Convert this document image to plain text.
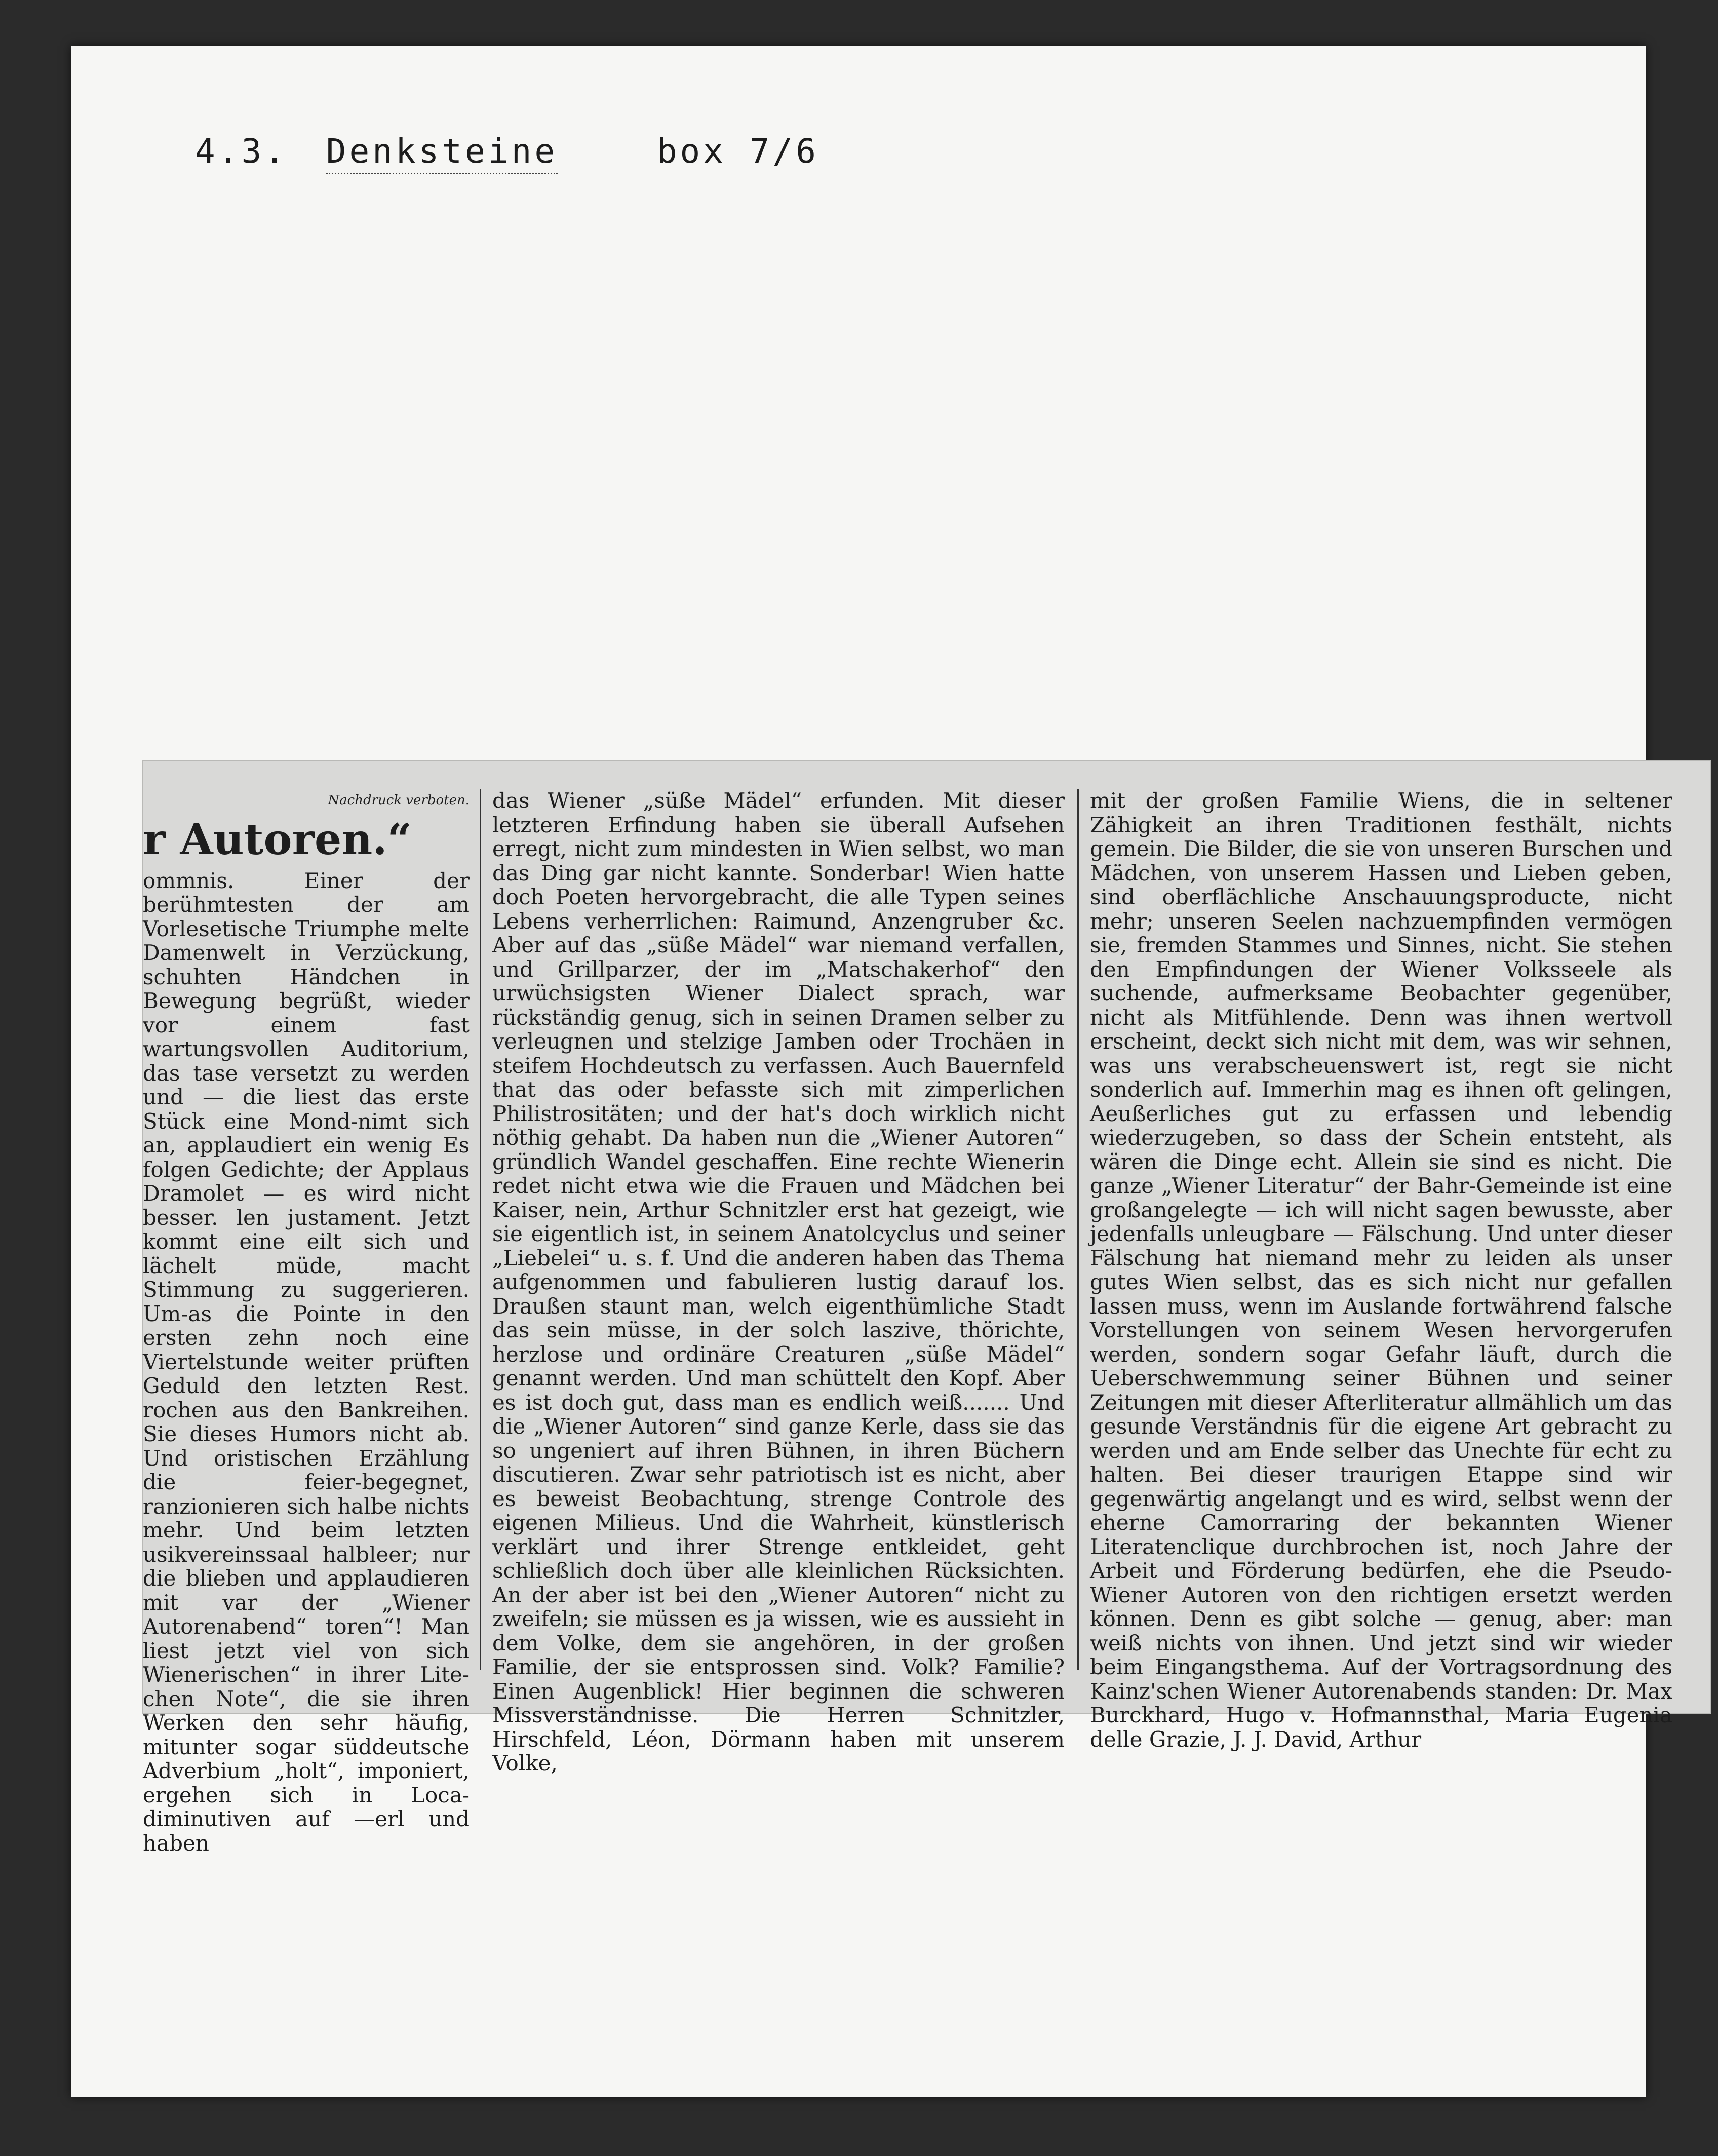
4.3. Denksteine	box 7/6
Nachdruck verboten.
r Autoren.“

ommnis. Einer der berühmtesten der am Vorlesetische Triumphe melte Damenwelt in Verzückung, schuhten Händchen in Bewegung begrüßt, wieder vor einem fast wartungsvollen Auditorium, das tase versetzt zu werden und — die liest das erste Stück eine Mond-nimt sich an, applaudiert ein wenig Es folgen Gedichte; der Applaus Dramolet — es wird nicht besser. len justament. Jetzt kommt eine eilt sich und lächelt müde, macht Stimmung zu suggerieren. Um-as die Pointe in den ersten zehn noch eine Viertelstunde weiter prüften Geduld den letzten Rest. rochen aus den Bankreihen. Sie dieses Humors nicht ab. Und oristischen Erzählung die feier-begegnet, ranzionieren sich halbe nichts mehr. Und beim letzten usikvereinssaal halbleer; nur die blieben und applaudieren mit var der „Wiener Autorenabend“ toren“! Man liest jetzt viel von sich Wienerischen“ in ihrer Lite-chen Note“, die sie ihren Werken den sehr häufig, mitunter sogar süddeutsche Adverbium „holt“, imponiert, ergehen sich in Loca-diminutiven auf —erl und haben

das Wiener „süße Mädel“ erfunden. Mit dieser letzteren Erfindung haben sie überall Aufsehen erregt, nicht zum mindesten in Wien selbst, wo man das Ding gar nicht kannte. Sonderbar! Wien hatte doch Poeten hervorgebracht, die alle Typen seines Lebens verherrlichen: Raimund, Anzengruber &c. Aber auf das „süße Mädel“ war niemand verfallen, und Grillparzer, der im „Matschakerhof“ den urwüchsigsten Wiener Dialect sprach, war rückständig genug, sich in seinen Dramen selber zu verleugnen und stelzige Jamben oder Trochäen in steifem Hochdeutsch zu verfassen. Auch Bauernfeld that das oder befasste sich mit zimperlichen Philistrositäten; und der hat's doch wirklich nicht nöthig gehabt. Da haben nun die „Wiener Autoren“ gründlich Wandel geschaffen. Eine rechte Wienerin redet nicht etwa wie die Frauen und Mädchen bei Kaiser, nein, Arthur Schnitzler erst hat gezeigt, wie sie eigentlich ist, in seinem Anatolcyclus und seiner „Liebelei“ u. s. f. Und die anderen haben das Thema aufgenommen und fabulieren lustig darauf los. Draußen staunt man, welch eigenthümliche Stadt das sein müsse, in der solch laszive, thörichte, herzlose und ordinäre Creaturen „süße Mädel“ genannt werden. Und man schüttelt den Kopf. Aber es ist doch gut, dass man es endlich weiß....... Und die „Wiener Autoren“ sind ganze Kerle, dass sie das so ungeniert auf ihren Bühnen, in ihren Büchern discutieren. Zwar sehr patriotisch ist es nicht, aber es beweist Beobachtung, strenge Controle des eigenen Milieus. Und die Wahrheit, künstlerisch verklärt und ihrer Strenge entkleidet, geht schließlich doch über alle kleinlichen Rücksichten. An der aber ist bei den „Wiener Autoren“ nicht zu zweifeln; sie müssen es ja wissen, wie es aussieht in dem Volke, dem sie angehören, in der großen Familie, der sie entsprossen sind. Volk? Familie? Einen Augenblick! Hier beginnen die schweren Missverständnisse. Die Herren Schnitzler, Hirschfeld, Léon, Dörmann haben mit unserem Volke,

mit der großen Familie Wiens, die in seltener Zähigkeit an ihren Traditionen festhält, nichts gemein. Die Bilder, die sie von unseren Burschen und Mädchen, von unserem Hassen und Lieben geben, sind oberflächliche Anschauungsproducte, nicht mehr; unseren Seelen nachzuempfinden vermögen sie, fremden Stammes und Sinnes, nicht. Sie stehen den Empfindungen der Wiener Volksseele als suchende, aufmerksame Beobachter gegenüber, nicht als Mitfühlende. Denn was ihnen wertvoll erscheint, deckt sich nicht mit dem, was wir sehnen, was uns verabscheuenswert ist, regt sie nicht sonderlich auf. Immerhin mag es ihnen oft gelingen, Aeußerliches gut zu erfassen und lebendig wiederzugeben, so dass der Schein entsteht, als wären die Dinge echt. Allein sie sind es nicht. Die ganze „Wiener Literatur“ der Bahr-Gemeinde ist eine großangelegte — ich will nicht sagen bewusste, aber jedenfalls unleugbare — Fälschung. Und unter dieser Fälschung hat niemand mehr zu leiden als unser gutes Wien selbst, das es sich nicht nur gefallen lassen muss, wenn im Auslande fortwährend falsche Vorstellungen von seinem Wesen hervorgerufen werden, sondern sogar Gefahr läuft, durch die Ueberschwemmung seiner Bühnen und seiner Zeitungen mit dieser Afterliteratur allmählich um das gesunde Verständnis für die eigene Art gebracht zu werden und am Ende selber das Unechte für echt zu halten. Bei dieser traurigen Etappe sind wir gegenwärtig angelangt und es wird, selbst wenn der eherne Camorraring der bekannten Wiener Literatenclique durchbrochen ist, noch Jahre der Arbeit und Förderung bedürfen, ehe die Pseudo-Wiener Autoren von den richtigen ersetzt werden können. Denn es gibt solche — genug, aber: man weiß nichts von ihnen. Und jetzt sind wir wieder beim Eingangsthema. Auf der Vortragsordnung des Kainz'schen Wiener Autorenabends standen: Dr. Max Burckhard, Hugo v. Hofmannsthal, Maria Eugenia delle Grazie, J. J. David, Arthur
